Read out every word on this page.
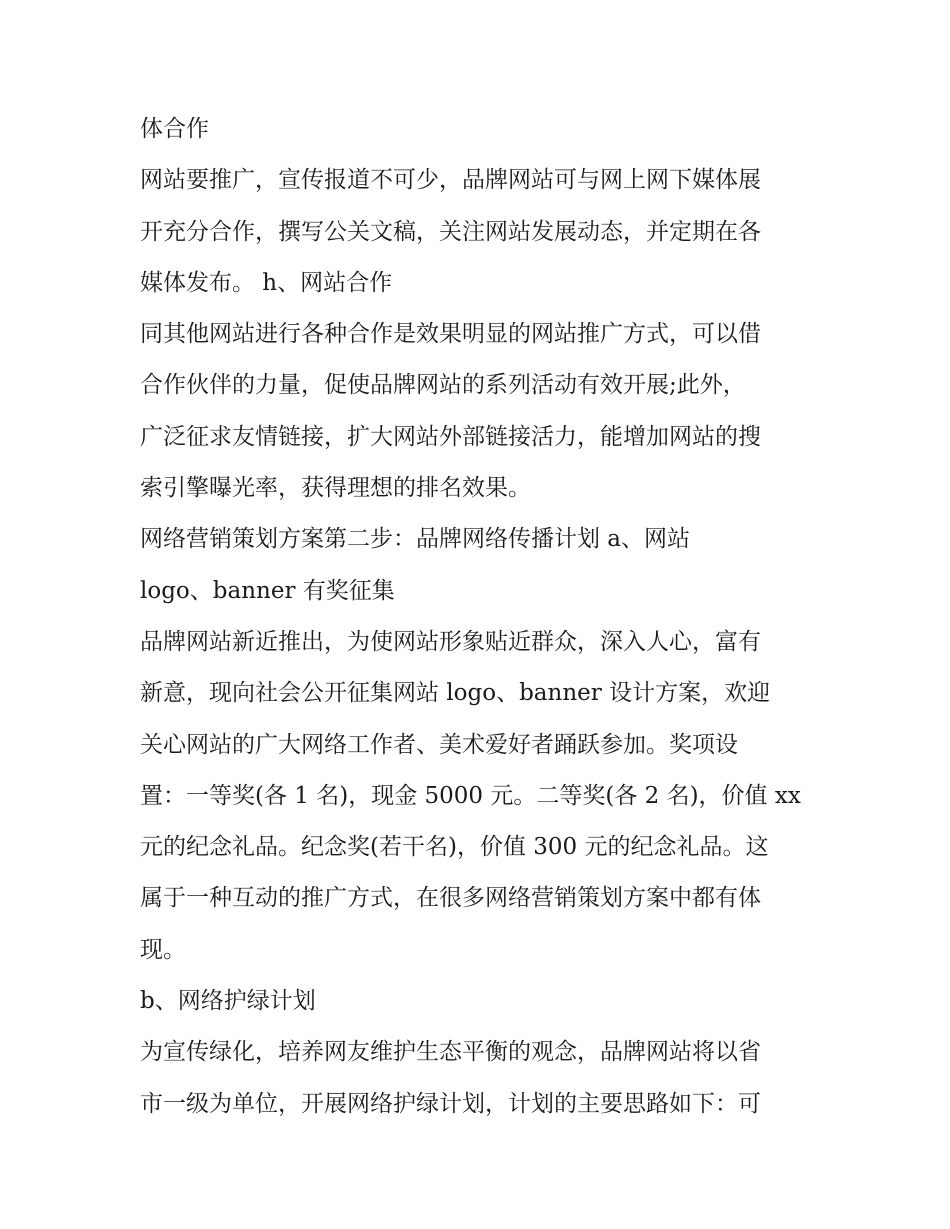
体合作
网站要推广，宣传报道不可少，品牌网站可与网上网下媒体展
开充分合作，撰写公关文稿，关注网站发展动态，并定期在各
媒体发布。 h、网站合作
同其他网站进行各种合作是效果明显的网站推广方式，可以借
合作伙伴的力量，促使品牌网站的系列活动有效开展;此外，
广泛征求友情链接，扩大网站外部链接活力，能增加网站的搜
索引擎曝光率，获得理想的排名效果。
网络营销策划方案第二步：品牌网络传播计划 a、网站
logo、banner 有奖征集
品牌网站新近推出，为使网站形象贴近群众，深入人心，富有
新意，现向社会公开征集网站 logo、banner 设计方案，欢迎
关心网站的广大网络工作者、美术爱好者踊跃参加。奖项设
置：一等奖(各 1 名)，现金 5000 元。二等奖(各 2 名)，价值 xx
元的纪念礼品。纪念奖(若干名)，价值 300 元的纪念礼品。这
属于一种互动的推广方式，在很多网络营销策划方案中都有体
现。
b、网络护绿计划
为宣传绿化，培养网友维护生态平衡的观念，品牌网站将以省
市一级为单位，开展网络护绿计划，计划的主要思路如下：可
